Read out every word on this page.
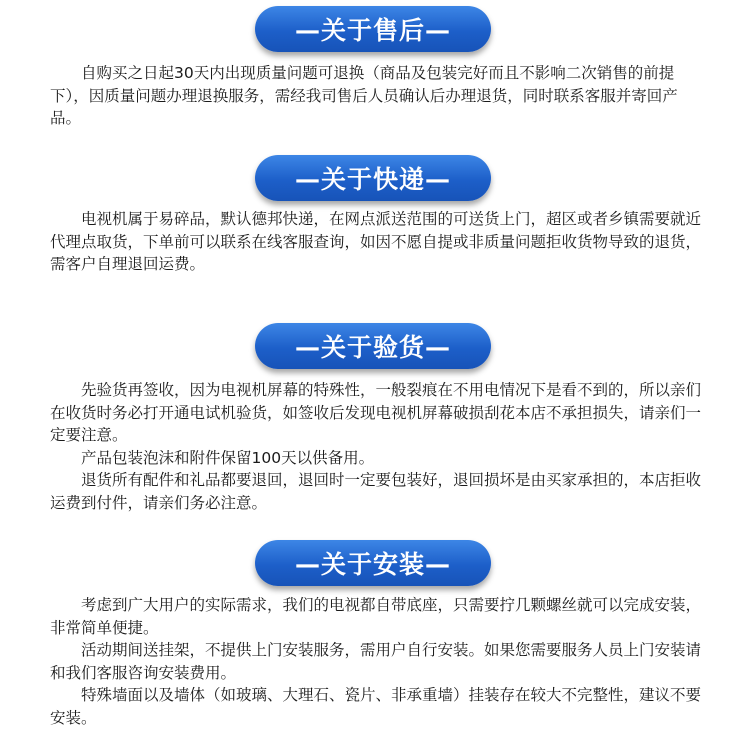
—关于售后—

自购买之日起30天内出现质量问题可退换（商品及包装完好而且不影响二次销售的前提下），因质量问题办理退换服务，需经我司售后人员确认后办理退货，同时联系客服并寄回产品。

—关于快递—

电视机属于易碎品，默认德邦快递，在网点派送范围的可送货上门，超区或者乡镇需要就近代理点取货，下单前可以联系在线客服查询，如因不愿自提或非质量问题拒收货物导致的退货，需客户自理退回运费。

—关于验货—

先验货再签收，因为电视机屏幕的特殊性，一般裂痕在不用电情况下是看不到的，所以亲们在收货时务必打开通电试机验货，如签收后发现电视机屏幕破损刮花本店不承担损失，请亲们一定要注意。

产品包装泡沫和附件保留100天以供备用。

退货所有配件和礼品都要退回，退回时一定要包装好，退回损坏是由买家承担的，本店拒收运费到付件，请亲们务必注意。

—关于安装—

考虑到广大用户的实际需求，我们的电视都自带底座，只需要拧几颗螺丝就可以完成安装，非常简单便捷。

活动期间送挂架，不提供上门安装服务，需用户自行安装。如果您需要服务人员上门安装请和我们客服咨询安装费用。

特殊墙面以及墙体（如玻璃、大理石、瓷片、非承重墙）挂装存在较大不完整性，建议不要安装。
